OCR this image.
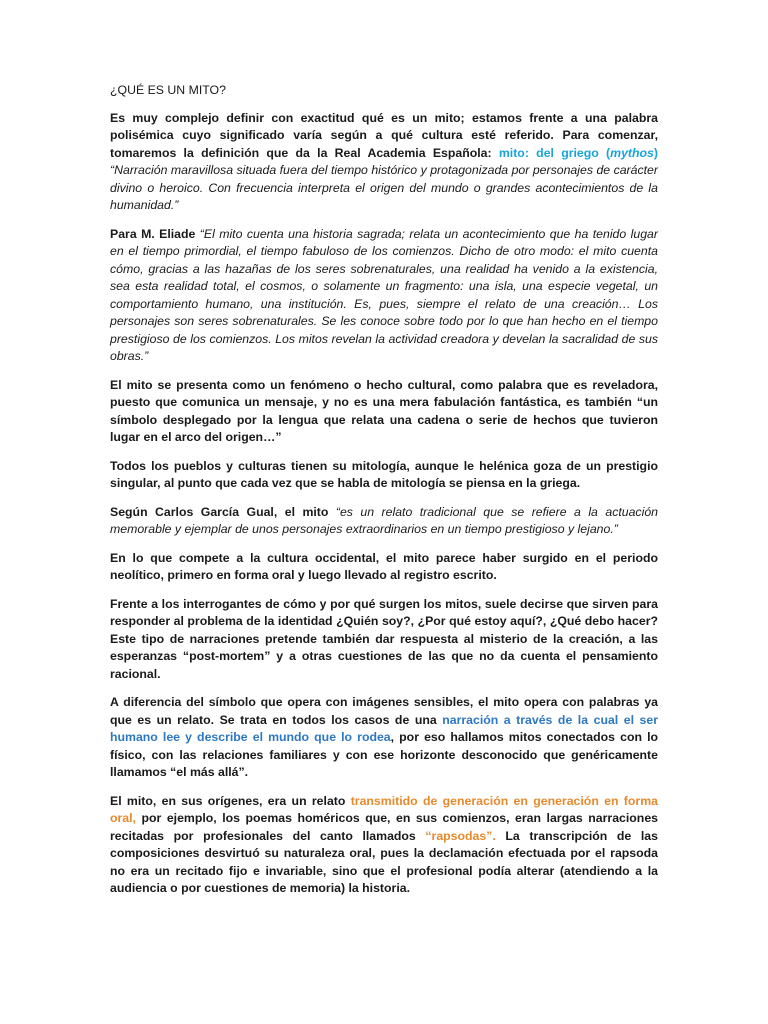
¿QUÉ ES UN MITO?

Es muy complejo definir con exactitud qué es un mito; estamos frente a una palabra polisémica cuyo significado varía según a qué cultura esté referido. Para comenzar, tomaremos la definición que da la Real Academia Española: mito: del griego (mythos) “Narración maravillosa situada fuera del tiempo histórico y protagonizada por personajes de carácter divino o heroico. Con frecuencia interpreta el origen del mundo o grandes acontecimientos de la humanidad.”

Para M. Eliade “El mito cuenta una historia sagrada; relata un acontecimiento que ha tenido lugar en el tiempo primordial, el tiempo fabuloso de los comienzos. Dicho de otro modo: el mito cuenta cómo, gracias a las hazañas de los seres sobrenaturales, una realidad ha venido a la existencia, sea esta realidad total, el cosmos, o solamente un fragmento: una isla, una especie vegetal, un comportamiento humano, una institución. Es, pues, siempre el relato de una creación… Los personajes son seres sobrenaturales. Se les conoce sobre todo por lo que han hecho en el tiempo prestigioso de los comienzos. Los mitos revelan la actividad creadora y develan la sacralidad de sus obras.”

El mito se presenta como un fenómeno o hecho cultural, como palabra que es reveladora, puesto que comunica un mensaje, y no es una mera fabulación fantástica, es también “un símbolo desplegado por la lengua que relata una cadena o serie de hechos que tuvieron lugar en el arco del origen…”

Todos los pueblos y culturas tienen su mitología, aunque le helénica goza de un prestigio singular, al punto que cada vez que se habla de mitología se piensa en la griega.

Según Carlos García Gual, el mito “es un relato tradicional que se refiere a la actuación memorable y ejemplar de unos personajes extraordinarios en un tiempo prestigioso y lejano.”

En lo que compete a la cultura occidental, el mito parece haber surgido en el periodo neolítico, primero en forma oral y luego llevado al registro escrito.

Frente a los interrogantes de cómo y por qué surgen los mitos, suele decirse que sirven para responder al problema de la identidad ¿Quién soy?, ¿Por qué estoy aquí?, ¿Qué debo hacer? Este tipo de narraciones pretende también dar respuesta al misterio de la creación, a las esperanzas “post-mortem” y a otras cuestiones de las que no da cuenta el pensamiento racional.

A diferencia del símbolo que opera con imágenes sensibles, el mito opera con palabras ya que es un relato. Se trata en todos los casos de una narración a través de la cual el ser humano lee y describe el mundo que lo rodea, por eso hallamos mitos conectados con lo físico, con las relaciones familiares y con ese horizonte desconocido que genéricamente llamamos “el más allá”.

El mito, en sus orígenes, era un relato transmitido de generación en generación en forma oral, por ejemplo, los poemas homéricos que, en sus comienzos, eran largas narraciones recitadas por profesionales del canto llamados “rapsodas”. La transcripción de las composiciones desvirtuó su naturaleza oral, pues la declamación efectuada por el rapsoda no era un recitado fijo e invariable, sino que el profesional podía alterar (atendiendo a la audiencia o por cuestiones de memoria) la historia.
